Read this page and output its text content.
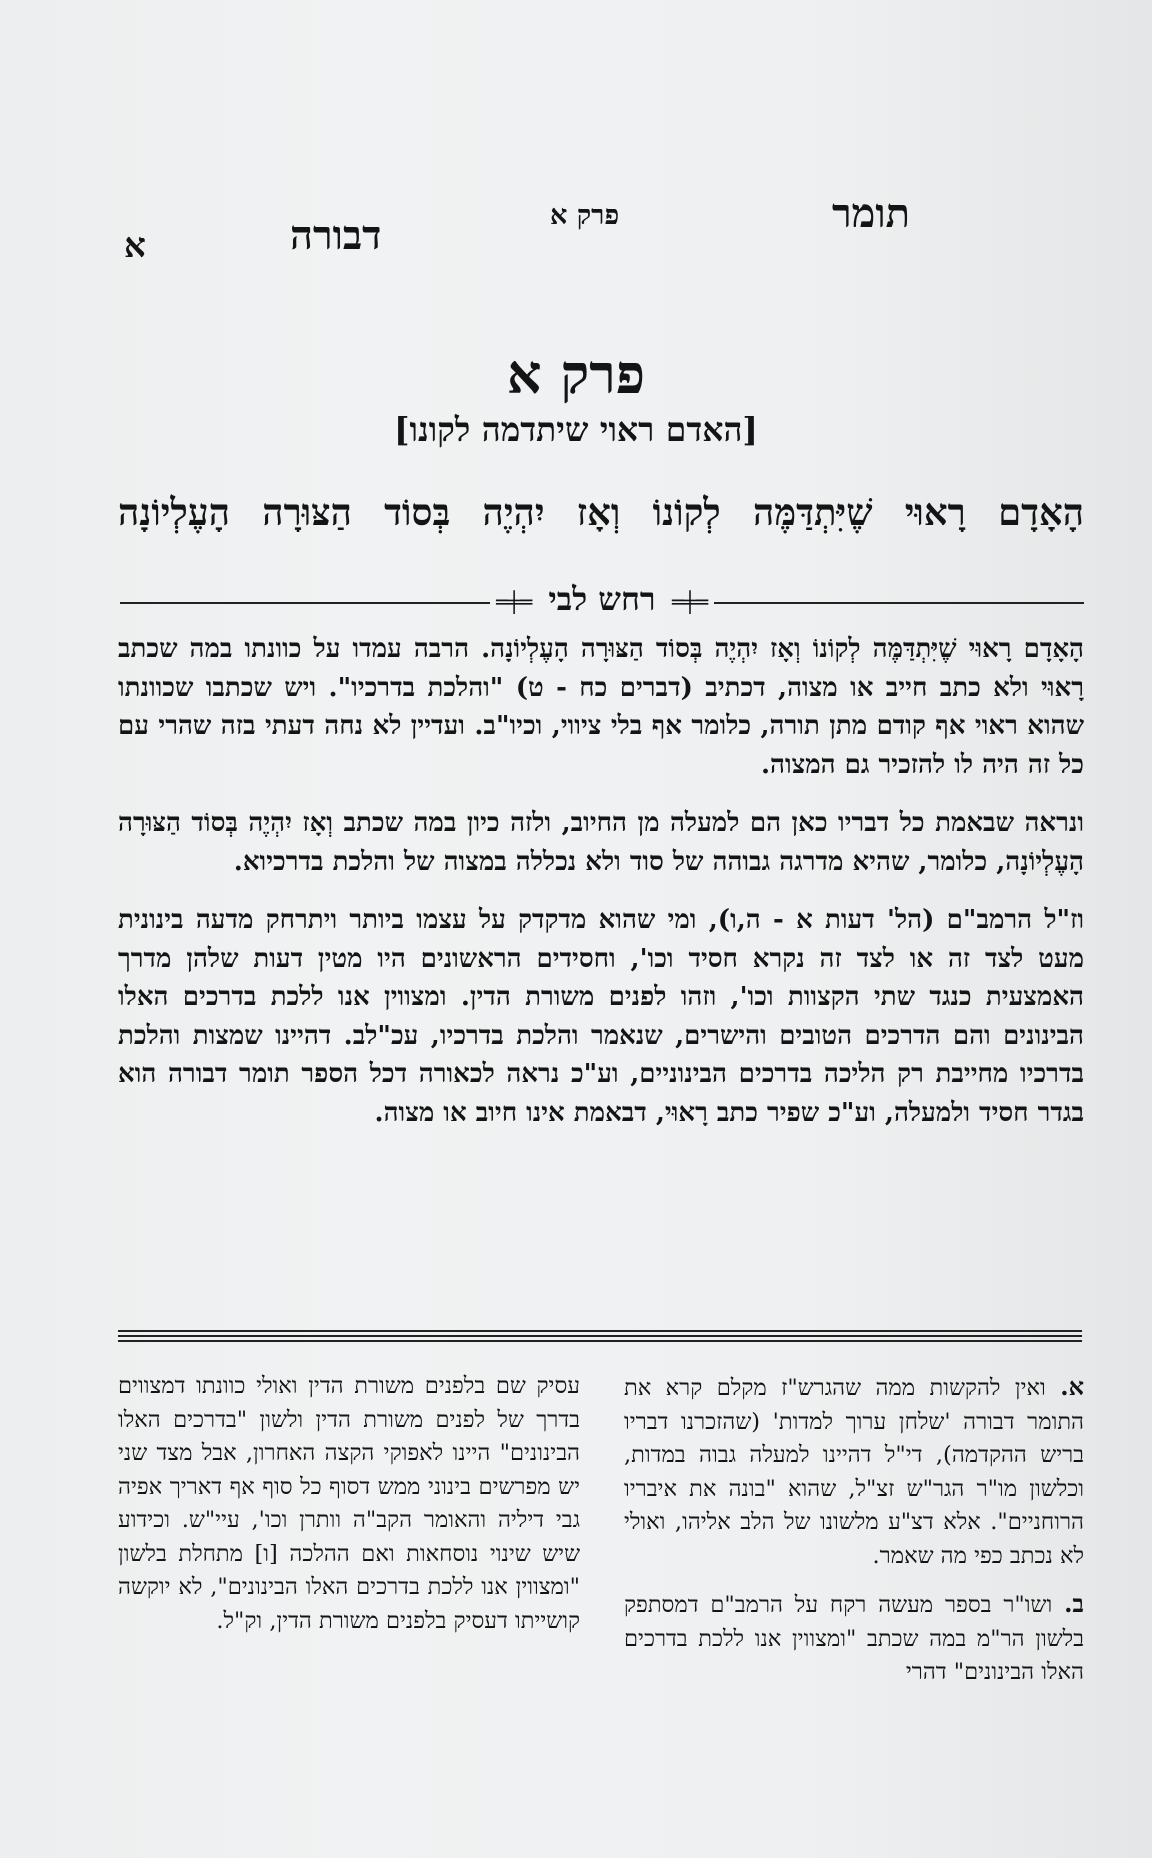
תומר
פרק א
דבורה
א
פרק א
[האדם ראוי שיתדמה לקונו]
הָאָדָם רָאוּי שֶׁיִּתְדַּמֶּה לְקוֹנוֹ וְאָז יִהְיֶה בְּסוֹד הַצּוּרָה הָעֶלְיוֹנָה
═╪═
רחש לבי
═╪═

הָאָדָם רָאוּי שֶׁיִּתְדַּמֶּה לְקוֹנוֹ וְאָז יִהְיֶה בְּסוֹד הַצּוּרָה הָעֶלְיוֹנָה. הרבה עמדו על כוונתו במה שכתב רָאוּי ולא כתב חייב או מצוה, דכתיב (דברים כח - ט) "והלכת בדרכיו". ויש שכתבו שכוונתו שהוא ראוי אף קודם מתן תורה, כלומר אף בלי ציווי, וכיו"ב. ועדיין לא נחה דעתי בזה שהרי עם כל זה היה לו להזכיר גם המצוה.

ונראה שבאמת כל דבריו כאן הם למעלה מן החיוב, ולזה כיון במה שכתב וְאָז יִהְיֶה בְּסוֹד הַצּוּרָה הָעֶלְיוֹנָה, כלומר, שהיא מדרגה גבוהה של סוד ולא נכללה במצוה של והלכת בדרכיוא.

וז"ל הרמב"ם (הל' דעות א - ה,ו), ומי שהוא מדקדק על עצמו ביותר ויתרחק מדעה בינונית מעט לצד זה או לצד זה נקרא חסיד וכו', וחסידים הראשונים היו מטין דעות שלהן מדרך האמצעית כנגד שתי הקצוות וכו', וזהו לפנים משורת הדין. ומצווין אנו ללכת בדרכים האלו הבינונים והם הדרכים הטובים והישרים, שנאמר והלכת בדרכיו, עכ"לב. דהיינו שמצות והלכת בדרכיו מחייבת רק הליכה בדרכים הבינוניים, וע"כ נראה לכאורה דכל הספר תומר דבורה הוא בגדר חסיד ולמעלה, וע"כ שפיר כתב רָאוּי, דבאמת אינו חיוב או מצוה.

א. ואין להקשות ממה שהגרש"ז מקלם קרא את התומר דבורה 'שלחן ערוך למדות' (שהזכרנו דבריו בריש ההקדמה), די"ל דהיינו למעלה גבוה במדות, וכלשון מו"ר הגר"ש זצ"ל, שהוא "בונה את איבריו הרוחניים". אלא דצ"ע מלשונו של הלב אליהו, ואולי לא נכתב כפי מה שאמר.

ב. ושו"ר בספר מעשה רקח על הרמב"ם דמסתפק בלשון הר"מ במה שכתב "ומצווין אנו ללכת בדרכים האלו הבינונים" דהרי

עסיק שם בלפנים משורת הדין ואולי כוונתו דמצווים בדרך של לפנים משורת הדין ולשון "בדרכים האלו הבינונים" היינו לאפוקי הקצה האחרון, אבל מצד שני יש מפרשים בינוני ממש דסוף כל סוף אף דאריך אפיה גבי דיליה והאומר הקב"ה וותרן וכו', עיי"ש. וכידוע שיש שינוי נוסחאות ואם ההלכה [ו] מתחלת בלשון "ומצווין אנו ללכת בדרכים האלו הבינונים", לא יוקשה קושייתו דעסיק בלפנים משורת הדין, וק"ל.
